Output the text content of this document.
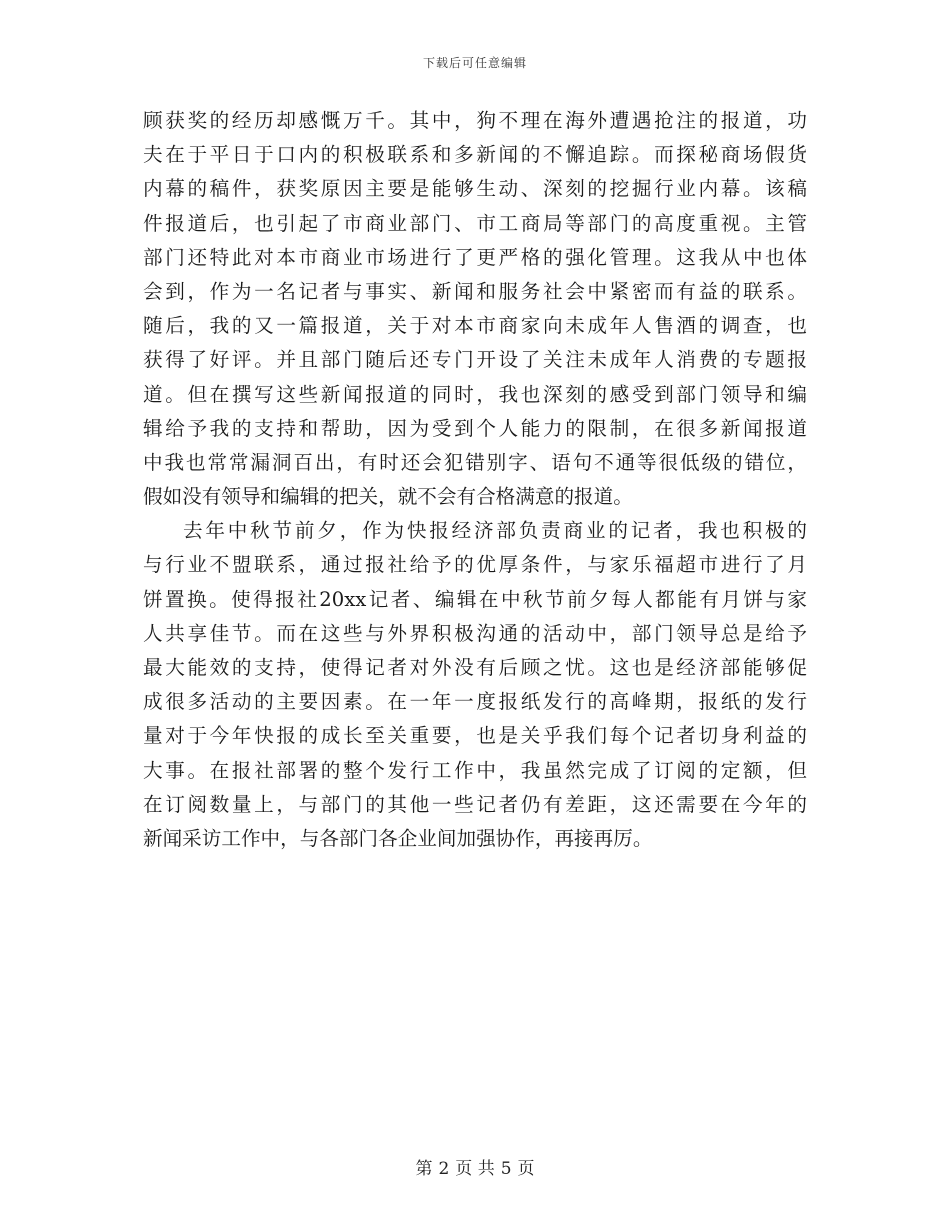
下载后可任意编辑
顾获奖的经历却感慨万千。其中，狗不理在海外遭遇抢注的报道，功
夫在于平日于口内的积极联系和多新闻的不懈追踪。而探秘商场假货
内幕的稿件，获奖原因主要是能够生动、深刻的挖掘行业内幕。该稿
件报道后，也引起了市商业部门、市工商局等部门的高度重视。主管
部门还特此对本市商业市场进行了更严格的强化管理。这我从中也体
会到，作为一名记者与事实、新闻和服务社会中紧密而有益的联系。
随后，我的又一篇报道，关于对本市商家向未成年人售酒的调查，也
获得了好评。并且部门随后还专门开设了关注未成年人消费的专题报
道。但在撰写这些新闻报道的同时，我也深刻的感受到部门领导和编
辑给予我的支持和帮助，因为受到个人能力的限制，在很多新闻报道
中我也常常漏洞百出，有时还会犯错别字、语句不通等很低级的错位，
假如没有领导和编辑的把关，就不会有合格满意的报道。
去年中秋节前夕，作为快报经济部负责商业的记者，我也积极的
与行业不盟联系，通过报社给予的优厚条件，与家乐福超市进行了月
饼置换。使得报社20xx记者、编辑在中秋节前夕每人都能有月饼与家
人共享佳节。而在这些与外界积极沟通的活动中，部门领导总是给予
最大能效的支持，使得记者对外没有后顾之忧。这也是经济部能够促
成很多活动的主要因素。在一年一度报纸发行的高峰期，报纸的发行
量对于今年快报的成长至关重要，也是关乎我们每个记者切身利益的
大事。在报社部署的整个发行工作中，我虽然完成了订阅的定额，但
在订阅数量上，与部门的其他一些记者仍有差距，这还需要在今年的
新闻采访工作中，与各部门各企业间加强协作，再接再厉。
第 2 页 共 5 页
